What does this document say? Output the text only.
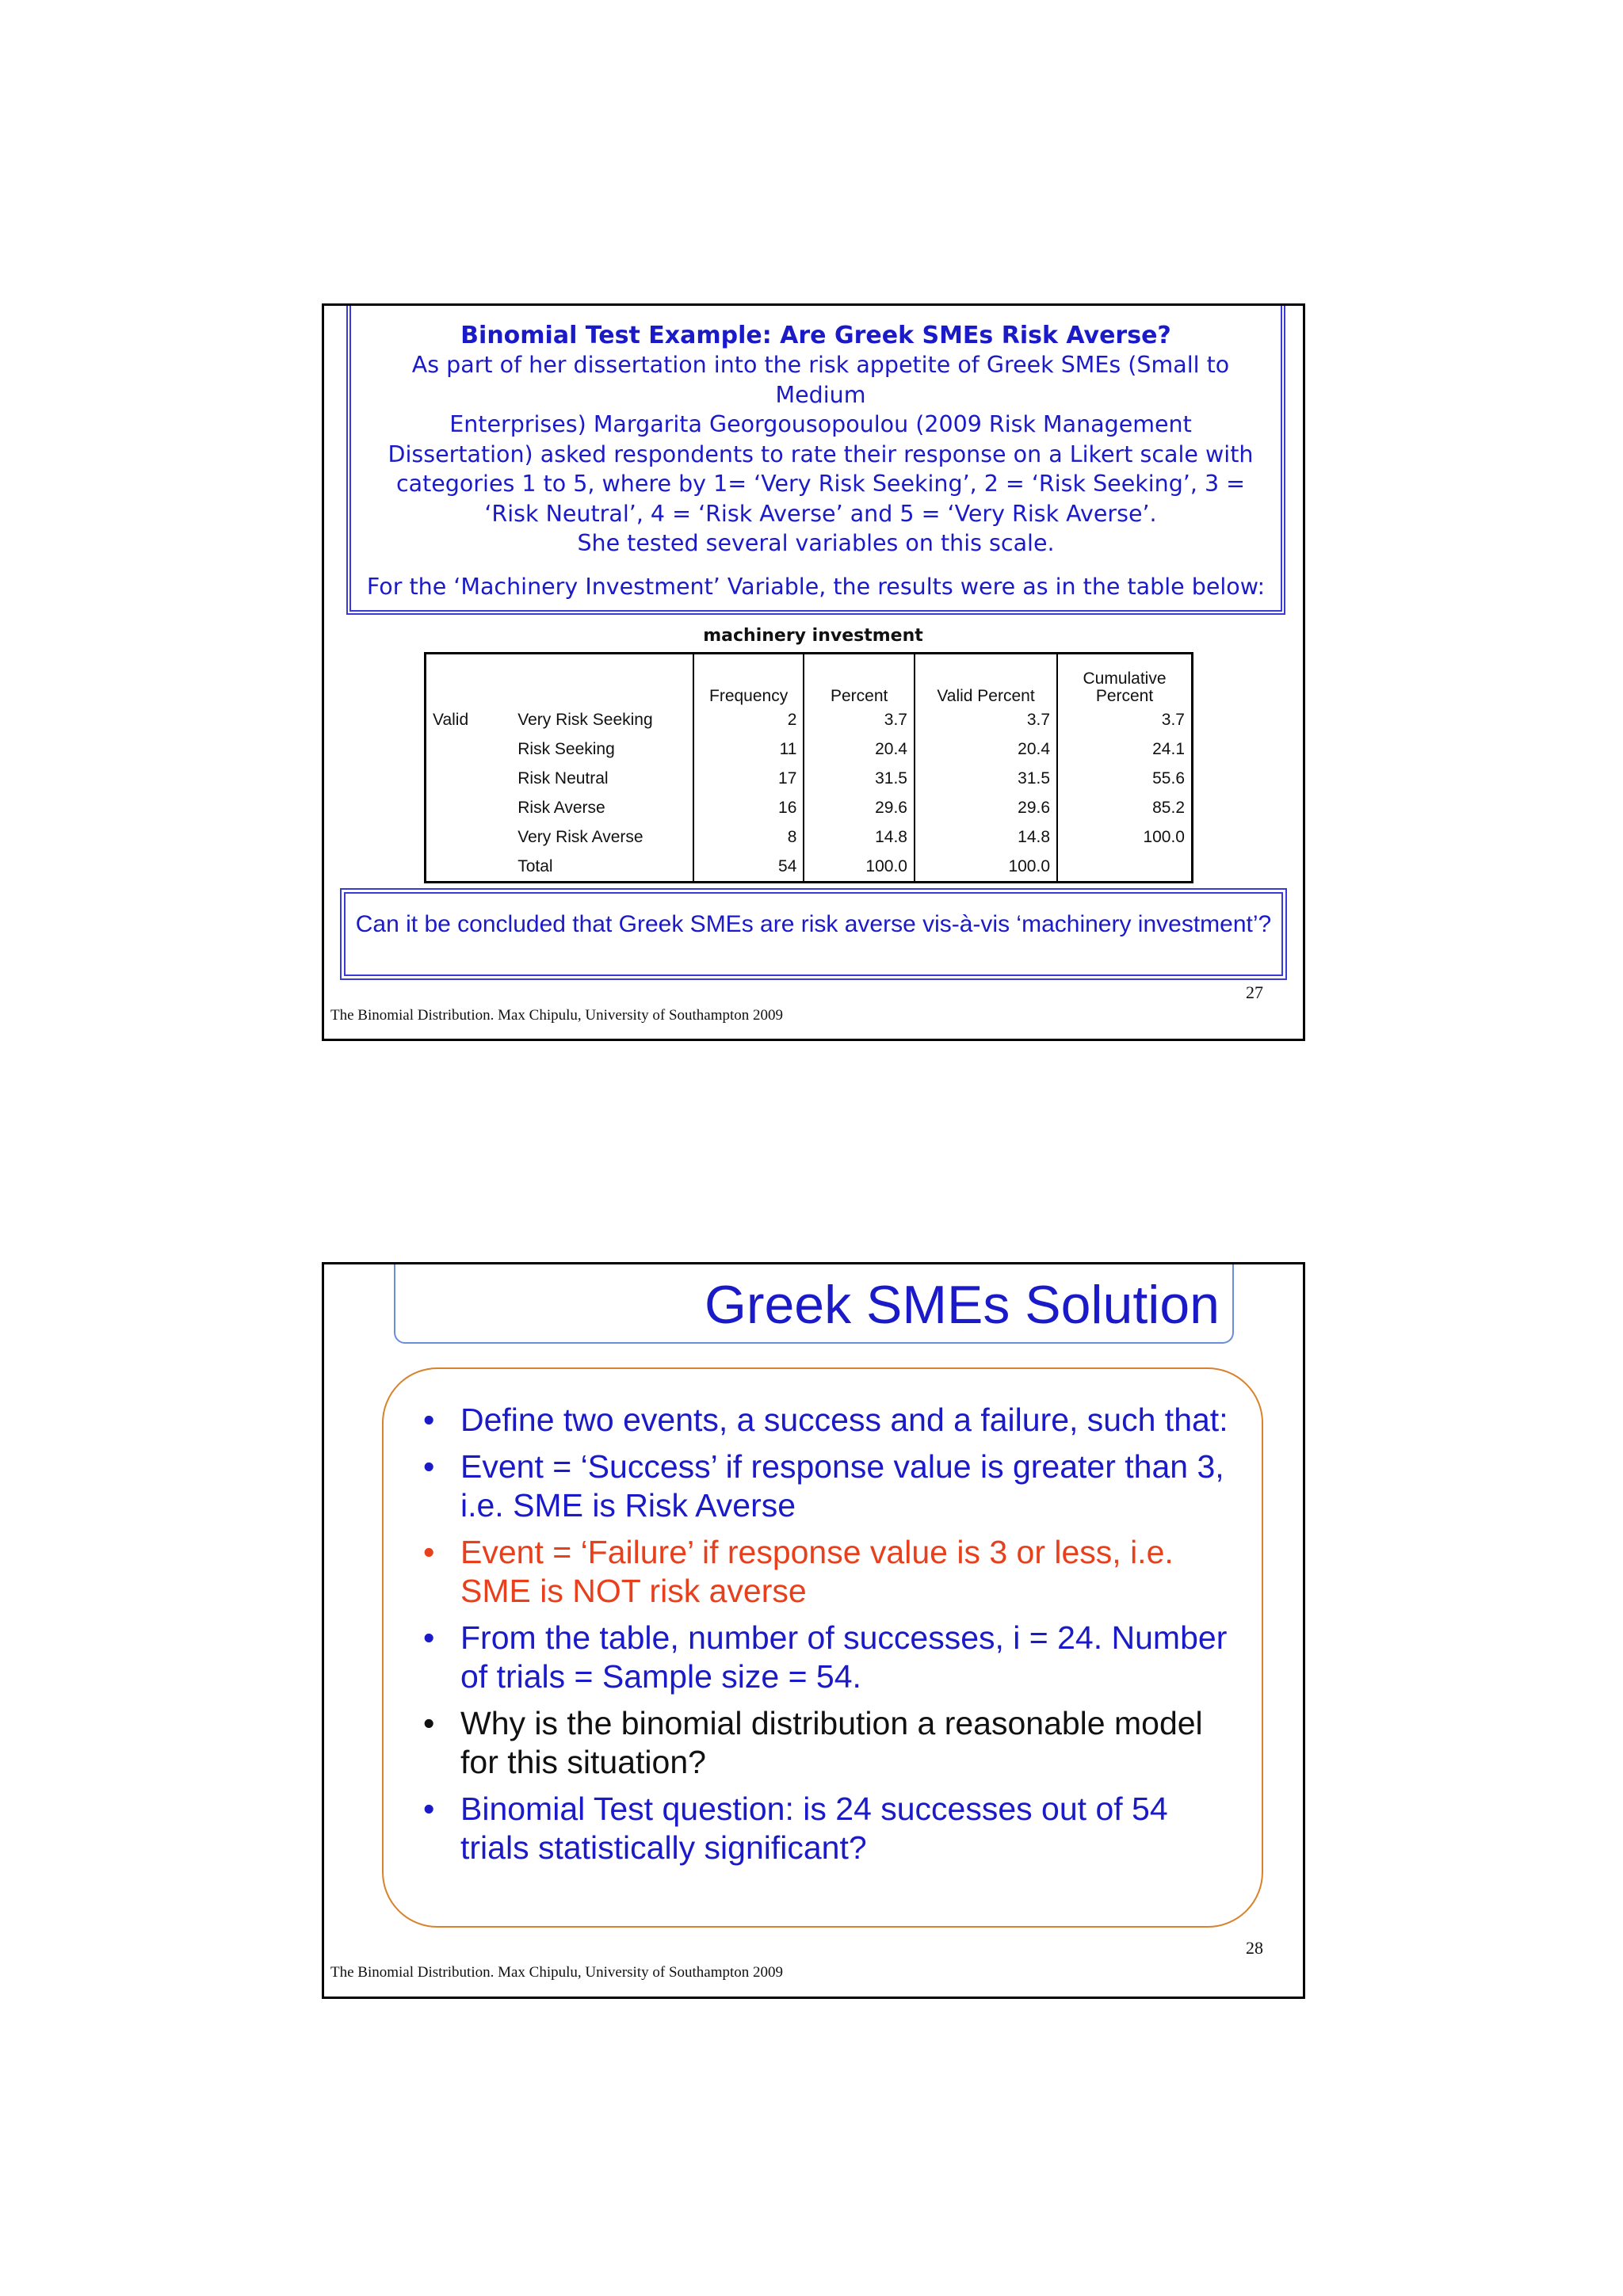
Binomial Test Example: Are Greek SMEs Risk Averse?
As part of her dissertation into the risk appetite of Greek SMEs (Small to Medium
Enterprises) Margarita Georgousopoulou (2009 Risk Management
Dissertation) asked respondents to rate their response on a Likert scale with
categories 1 to 5, where by 1= ‘Very Risk Seeking’, 2 = ‘Risk Seeking’, 3 =
‘Risk Neutral’, 4 = ‘Risk Averse’ and 5 = ‘Very Risk Averse’.
She tested several variables on this scale.
For the ‘Machinery Investment’ Variable, the results were as in the table below:
machinery investment
		Frequency	Percent	Valid Percent	Cumulative Percent
Valid	Very Risk Seeking	2	3.7	3.7	3.7
	Risk Seeking	11	20.4	20.4	24.1
	Risk Neutral	17	31.5	31.5	55.6
	Risk Averse	16	29.6	29.6	85.2
	Very Risk Averse	8	14.8	14.8	100.0
	Total	54	100.0	100.0	
Can it be concluded that Greek SMEs are risk averse vis-à-vis ‘machinery investment’?
27
The Binomial Distribution. Max Chipulu, University of Southampton 2009
Greek SMEs Solution
• Define two events, a success and a failure, such that:
• Event = ‘Success’ if response value is greater than 3, i.e. SME is Risk Averse
• Event = ‘Failure’ if response value is 3 or less, i.e. SME is NOT risk averse
• From the table, number of successes, i = 24. Number of trials = Sample size = 54.
• Why is the binomial distribution a reasonable model for this situation?
• Binomial Test question: is 24 successes out of 54 trials statistically significant?
28
The Binomial Distribution. Max Chipulu, University of Southampton 2009
